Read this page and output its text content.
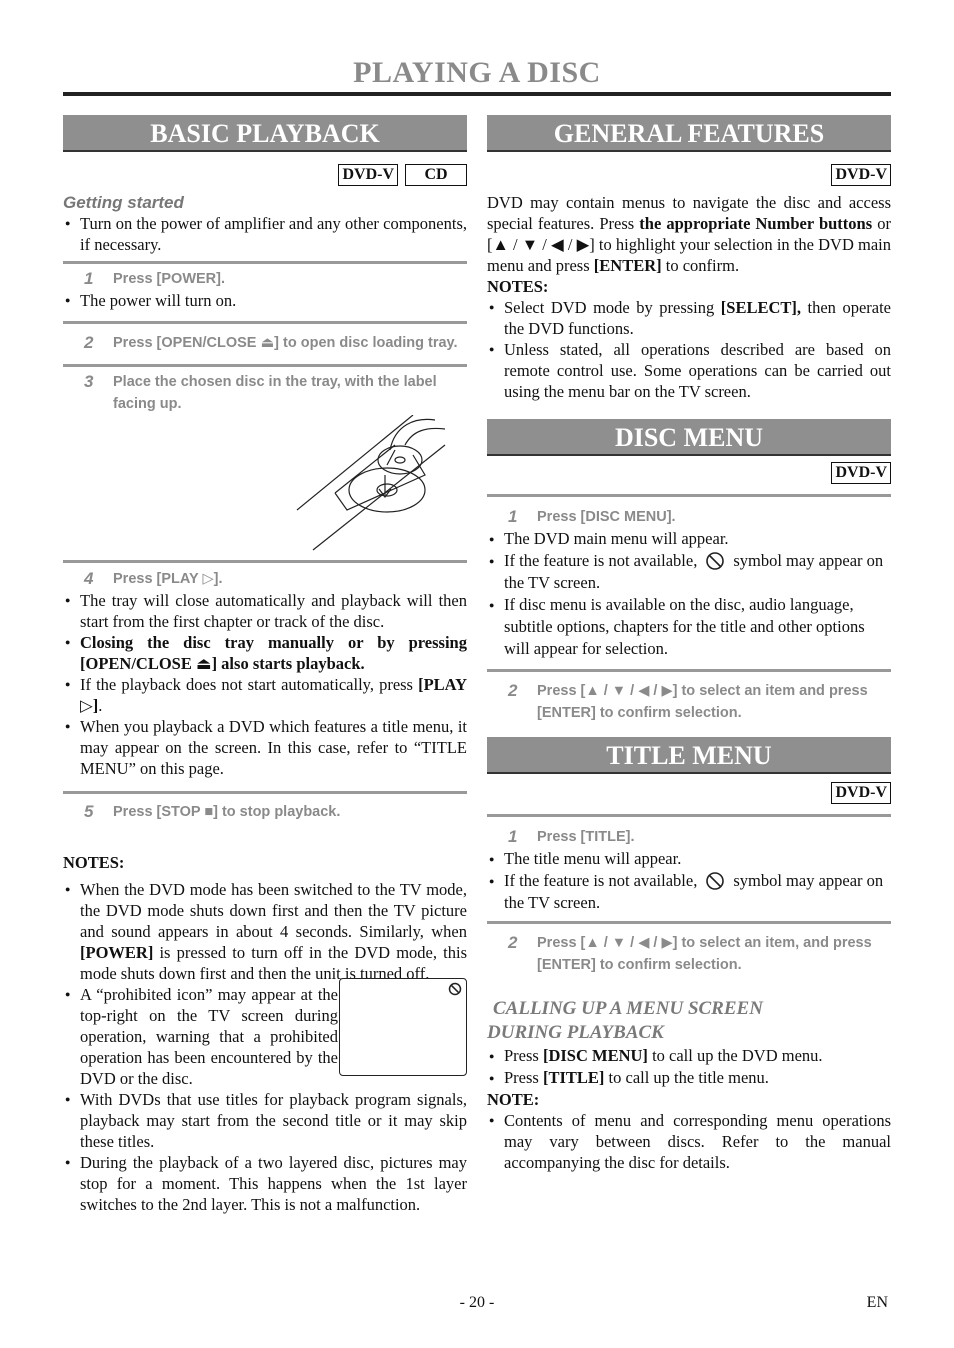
PLAYING A DISC
BASIC PLAYBACK
DVD-V	CD
Getting started
● Turn on the power of amplifier and any other components, if necessary.
1	Press [POWER].
● The power will turn on.
2	Press [OPEN/CLOSE ⏏] to open disc loading tray.
3	Place the chosen disc in the tray, with the label facing up.
4	Press [PLAY ▷].
● The tray will close automatically and playback will then start from the first chapter or track of the disc.
● Closing the disc tray manually or by pressing [OPEN/CLOSE ⏏] also starts playback.
● If the playback does not start automatically, press [PLAY ▷].
● When you playback a DVD which features a title menu, it may appear on the screen. In this case, refer to “TITLE MENU” on this page.
5	Press [STOP ■] to stop playback.
NOTES:
● When the DVD mode has been switched to the TV mode, the DVD mode shuts down first and then the TV picture and sound appears in about 4 seconds. Similarly, when [POWER] is pressed to turn off in the DVD mode, this mode shuts down first and then the unit is turned off.
● A “prohibited icon” may appear at the top-right on the TV screen during operation, warning that a prohibited operation has been encountered by the DVD or the disc.
● With DVDs that use titles for playback program signals, playback may start from the second title or it may skip these titles.
● During the playback of a two layered disc, pictures may stop for a moment. This happens when the 1st layer switches to the 2nd layer. This is not a malfunction.
GENERAL FEATURES
DVD-V
DVD may contain menus to navigate the disc and access special features. Press the appropriate Number buttons or [▲ / ▼ / ◀ / ▶] to highlight your selection in the DVD main menu and press [ENTER] to confirm.
NOTES:
● Select DVD mode by pressing [SELECT], then operate the DVD functions.
● Unless stated, all operations described are based on remote control use. Some operations can be carried out using the menu bar on the TV screen.
DISC MENU
DVD-V
1	Press [DISC MENU].
● The DVD main menu will appear.
● If the feature is not available, symbol may appear on the TV screen.
● If disc menu is available on the disc, audio language, subtitle options, chapters for the title and other options will appear for selection.
2	Press [▲ / ▼ / ◀ / ▶] to select an item and press [ENTER] to confirm selection.
TITLE MENU
DVD-V
1	Press [TITLE].
● The title menu will appear.
● If the feature is not available, symbol may appear on the TV screen.
2	Press [▲ / ▼ / ◀ / ▶] to select an item, and press [ENTER] to confirm selection.
CALLING UP A MENU SCREEN
DURING PLAYBACK
● Press [DISC MENU] to call up the DVD menu.
● Press [TITLE] to call up the title menu.
NOTE:
● Contents of menu and corresponding menu operations may vary between discs. Refer to the manual accompanying the disc for details.
- 20 -	EN
